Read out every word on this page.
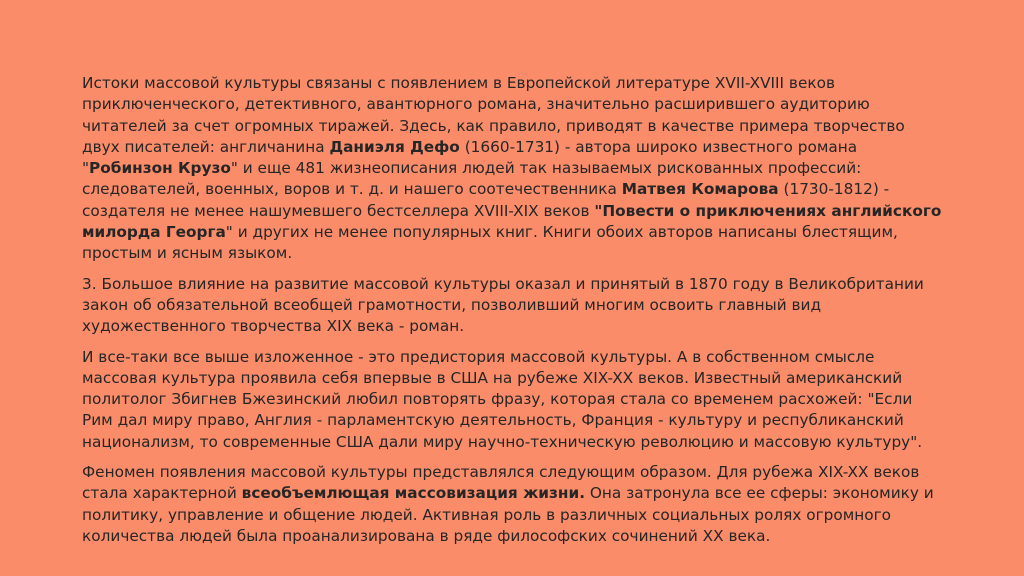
Истоки массовой культуры связаны с появлением в Европейской литературе XVII-XVIII веков приключенческого, детективного, авантюрного романа, значительно расширившего аудиторию читателей за счет огромных тиражей. Здесь, как правило, приводят в качестве примера творчество двух писателей: англичанина Даниэля Дефо (1660-1731) - автора широко известного романа "Робинзон Крузо" и еще 481 жизнеописания людей так называемых рискованных профессий: следователей, военных, воров и т. д. и нашего соотечественника Матвея Комарова (1730-1812) - создателя не менее нашумевшего бестселлера XVIII-XIX веков "Повести о приключениях английского милорда Георга" и других не менее популярных книг. Книги обоих авторов написаны блестящим, простым и ясным языком.

3. Большое влияние на развитие массовой культуры оказал и принятый в 1870 году в Великобритании закон об обязательной всеобщей грамотности, позволивший многим освоить главный вид художественного творчества XIX века - роман.

И все-таки все выше изложенное - это предистория массовой культуры. А в собственном смысле массовая культура проявила себя впервые в США на рубеже XIX-XX веков. Известный американский политолог Збигнев Бжезинский любил повторять фразу, которая стала со временем расхожей: "Если Рим дал миру право, Англия - парламентскую деятельность, Франция - культуру и республиканский национализм, то современные США дали миру научно-техническую революцию и массовую культуру".

Феномен появления массовой культуры представлялся следующим образом. Для рубежа XIX-XX веков стала характерной всеобъемлющая массовизация жизни. Она затронула все ее сферы: экономику и политику, управление и общение людей. Активная роль в различных социальных ролях огромного количества людей была проанализирована в ряде философских сочинений XX века.
